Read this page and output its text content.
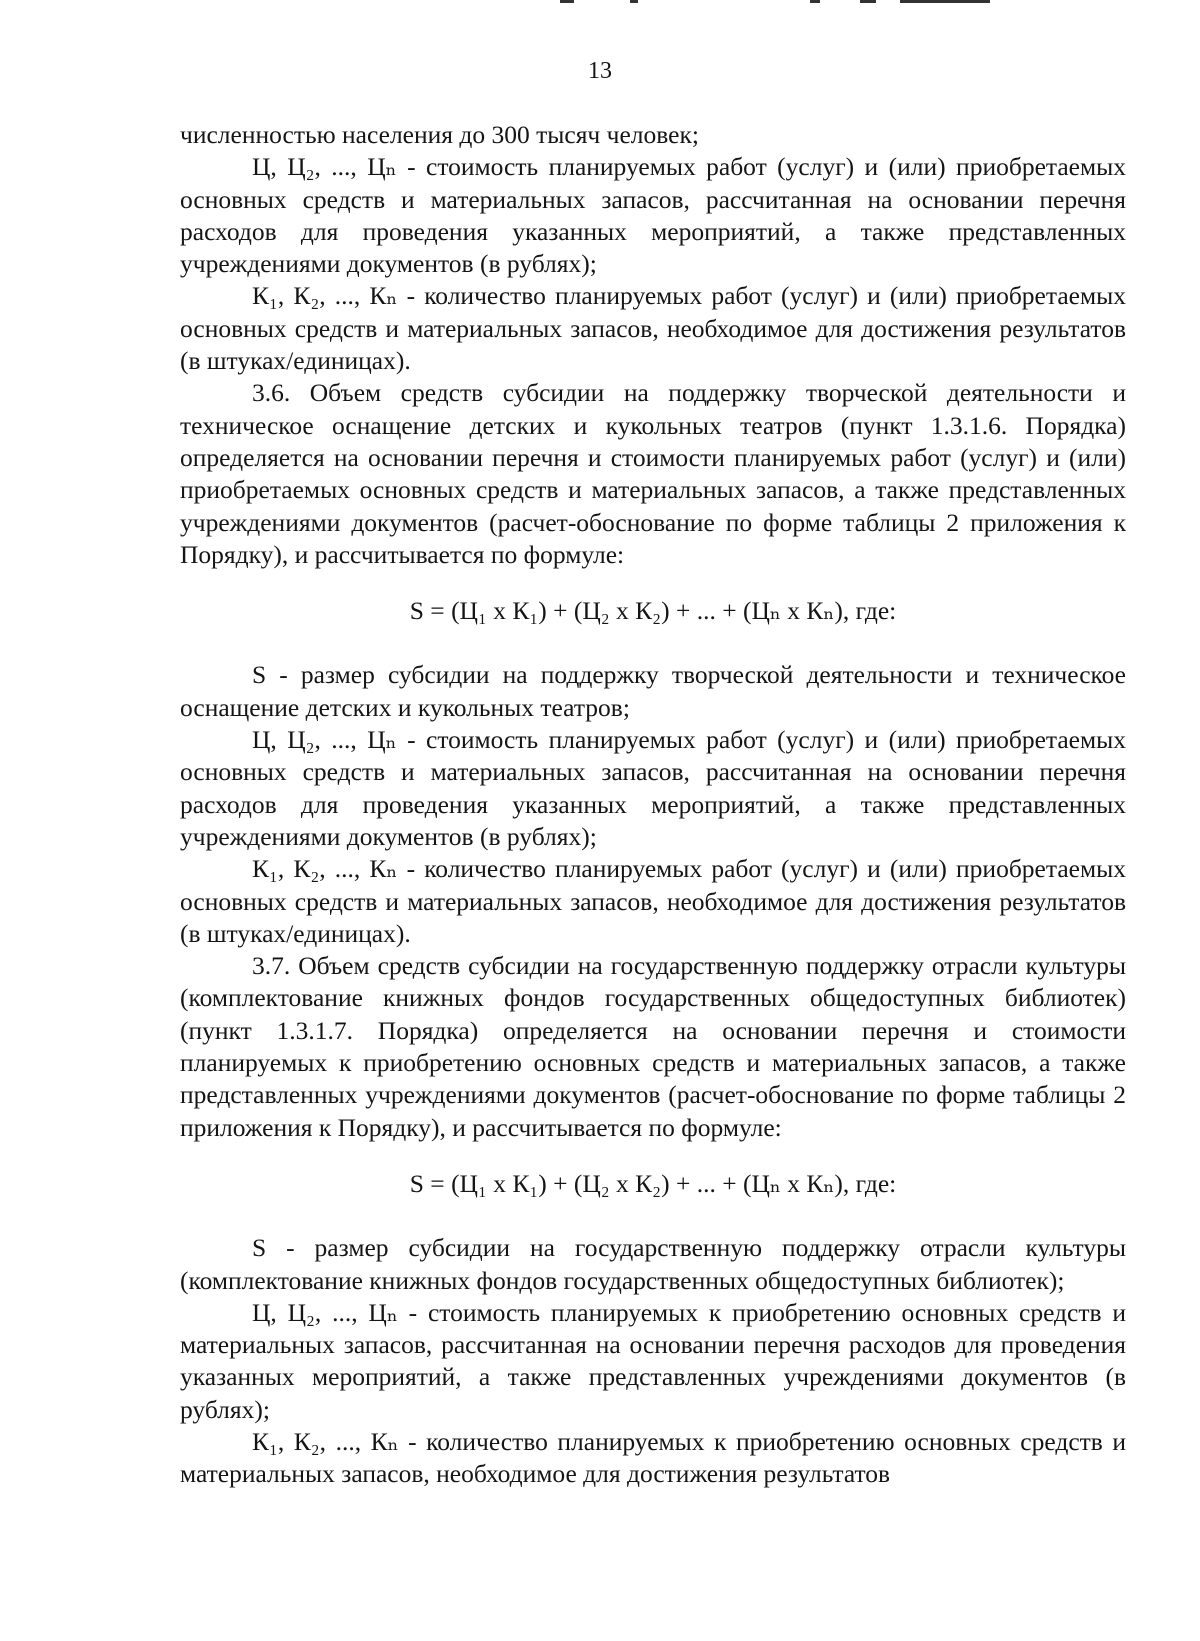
13

численностью населения до 300 тысяч человек;

Ц, Ц₂, ..., Цₙ - стоимость планируемых работ (услуг) и (или) приобретаемых основных средств и материальных запасов, рассчитанная на основании перечня расходов для проведения указанных мероприятий, а также представленных учреждениями документов (в рублях);

К₁, К₂, ..., Кₙ - количество планируемых работ (услуг) и (или) приобретаемых основных средств и материальных запасов, необходимое для достижения результатов (в штуках/единицах).

3.6. Объем средств субсидии на поддержку творческой деятельности и техническое оснащение детских и кукольных театров (пункт 1.3.1.6. Порядка) определяется на основании перечня и стоимости планируемых работ (услуг) и (или) приобретаемых основных средств и материальных запасов, а также представленных учреждениями документов (расчет-обоснование по форме таблицы 2 приложения к Порядку), и рассчитывается по формуле:

S = (Ц₁ x К₁) + (Ц₂ x К₂) + ... + (Цₙ x Кₙ), где:

S - размер субсидии на поддержку творческой деятельности и техническое оснащение детских и кукольных театров;

Ц, Ц₂, ..., Цₙ - стоимость планируемых работ (услуг) и (или) приобретаемых основных средств и материальных запасов, рассчитанная на основании перечня расходов для проведения указанных мероприятий, а также представленных учреждениями документов (в рублях);

К₁, К₂, ..., Кₙ - количество планируемых работ (услуг) и (или) приобретаемых основных средств и материальных запасов, необходимое для достижения результатов (в штуках/единицах).

3.7. Объем средств субсидии на государственную поддержку отрасли культуры (комплектование книжных фондов государственных общедоступных библиотек) (пункт 1.3.1.7. Порядка) определяется на основании перечня и стоимости планируемых к приобретению основных средств и материальных запасов, а также представленных учреждениями документов (расчет-обоснование по форме таблицы 2 приложения к Порядку), и рассчитывается по формуле:

S = (Ц₁ x К₁) + (Ц₂ x К₂) + ... + (Цₙ x Кₙ), где:

S - размер субсидии на государственную поддержку отрасли культуры (комплектование книжных фондов государственных общедоступных библиотек);

Ц, Ц₂, ..., Цₙ - стоимость планируемых к приобретению основных средств и материальных запасов, рассчитанная на основании перечня расходов для проведения указанных мероприятий, а также представленных учреждениями документов (в рублях);

К₁, К₂, ..., Кₙ - количество планируемых к приобретению основных средств и материальных запасов, необходимое для достижения результатов
